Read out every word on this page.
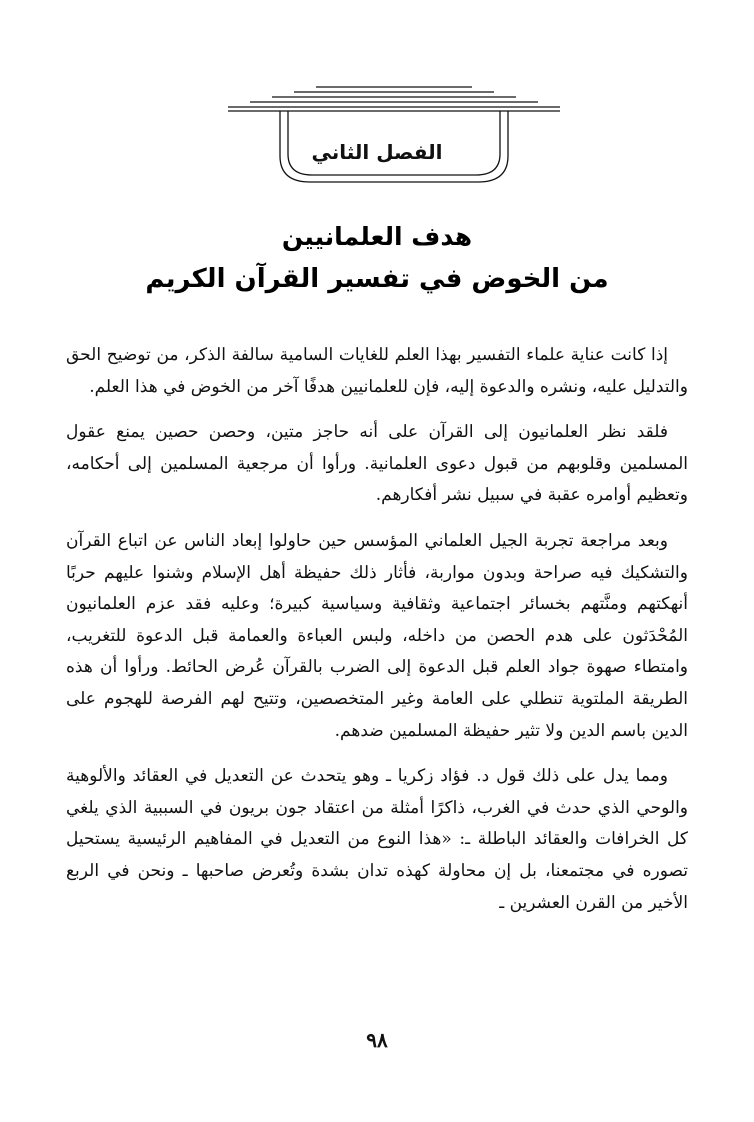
الفصل الثاني
هدف العلمانيين
من الخوض في تفسير القرآن الكريم

إذا كانت عناية علماء التفسير بهذا العلم للغايات السامية سالفة الذكر، من توضيح الحق والتدليل عليه، ونشره والدعوة إليه، فإن للعلمانيين هدفًا آخر من الخوض في هذا العلم.

فلقد نظر العلمانيون إلى القرآن على أنه حاجز متين، وحصن حصين يمنع عقول المسلمين وقلوبهم من قبول دعوى العلمانية. ورأوا أن مرجعية المسلمين إلى أحكامه، وتعظيم أوامره عقبة في سبيل نشر أفكارهم.

وبعد مراجعة تجربة الجيل العلماني المؤسس حين حاولوا إبعاد الناس عن اتباع القرآن والتشكيك فيه صراحة وبدون مواربة، فأثار ذلك حفيظة أهل الإسلام وشنوا عليهم حربًا أنهكتهم ومنَّتهم بخسائر اجتماعية وثقافية وسياسية كبيرة؛ وعليه فقد عزم العلمانيون المُحْدَثون على هدم الحصن من داخله، ولبس العباءة والعمامة قبل الدعوة للتغريب، وامتطاء صهوة جواد العلم قبل الدعوة إلى الضرب بالقرآن عُرض الحائط. ورأوا أن هذه الطريقة الملتوية تنطلي على العامة وغير المتخصصين، وتتيح لهم الفرصة للهجوم على الدين باسم الدين ولا تثير حفيظة المسلمين ضدهم.

ومما يدل على ذلك قول د. فؤاد زكريا ـ وهو يتحدث عن التعديل في العقائد والألوهية والوحي الذي حدث في الغرب، ذاكرًا أمثلة من اعتقاد جون بريون في السببية الذي يلغي كل الخرافات والعقائد الباطلة ـ: «هذا النوع من التعديل في المفاهيم الرئيسية يستحيل تصوره في مجتمعنا، بل إن محاولة كهذه تدان بشدة وتُعرض صاحبها ـ ونحن في الربع الأخير من القرن العشرين ـ

٩٨
